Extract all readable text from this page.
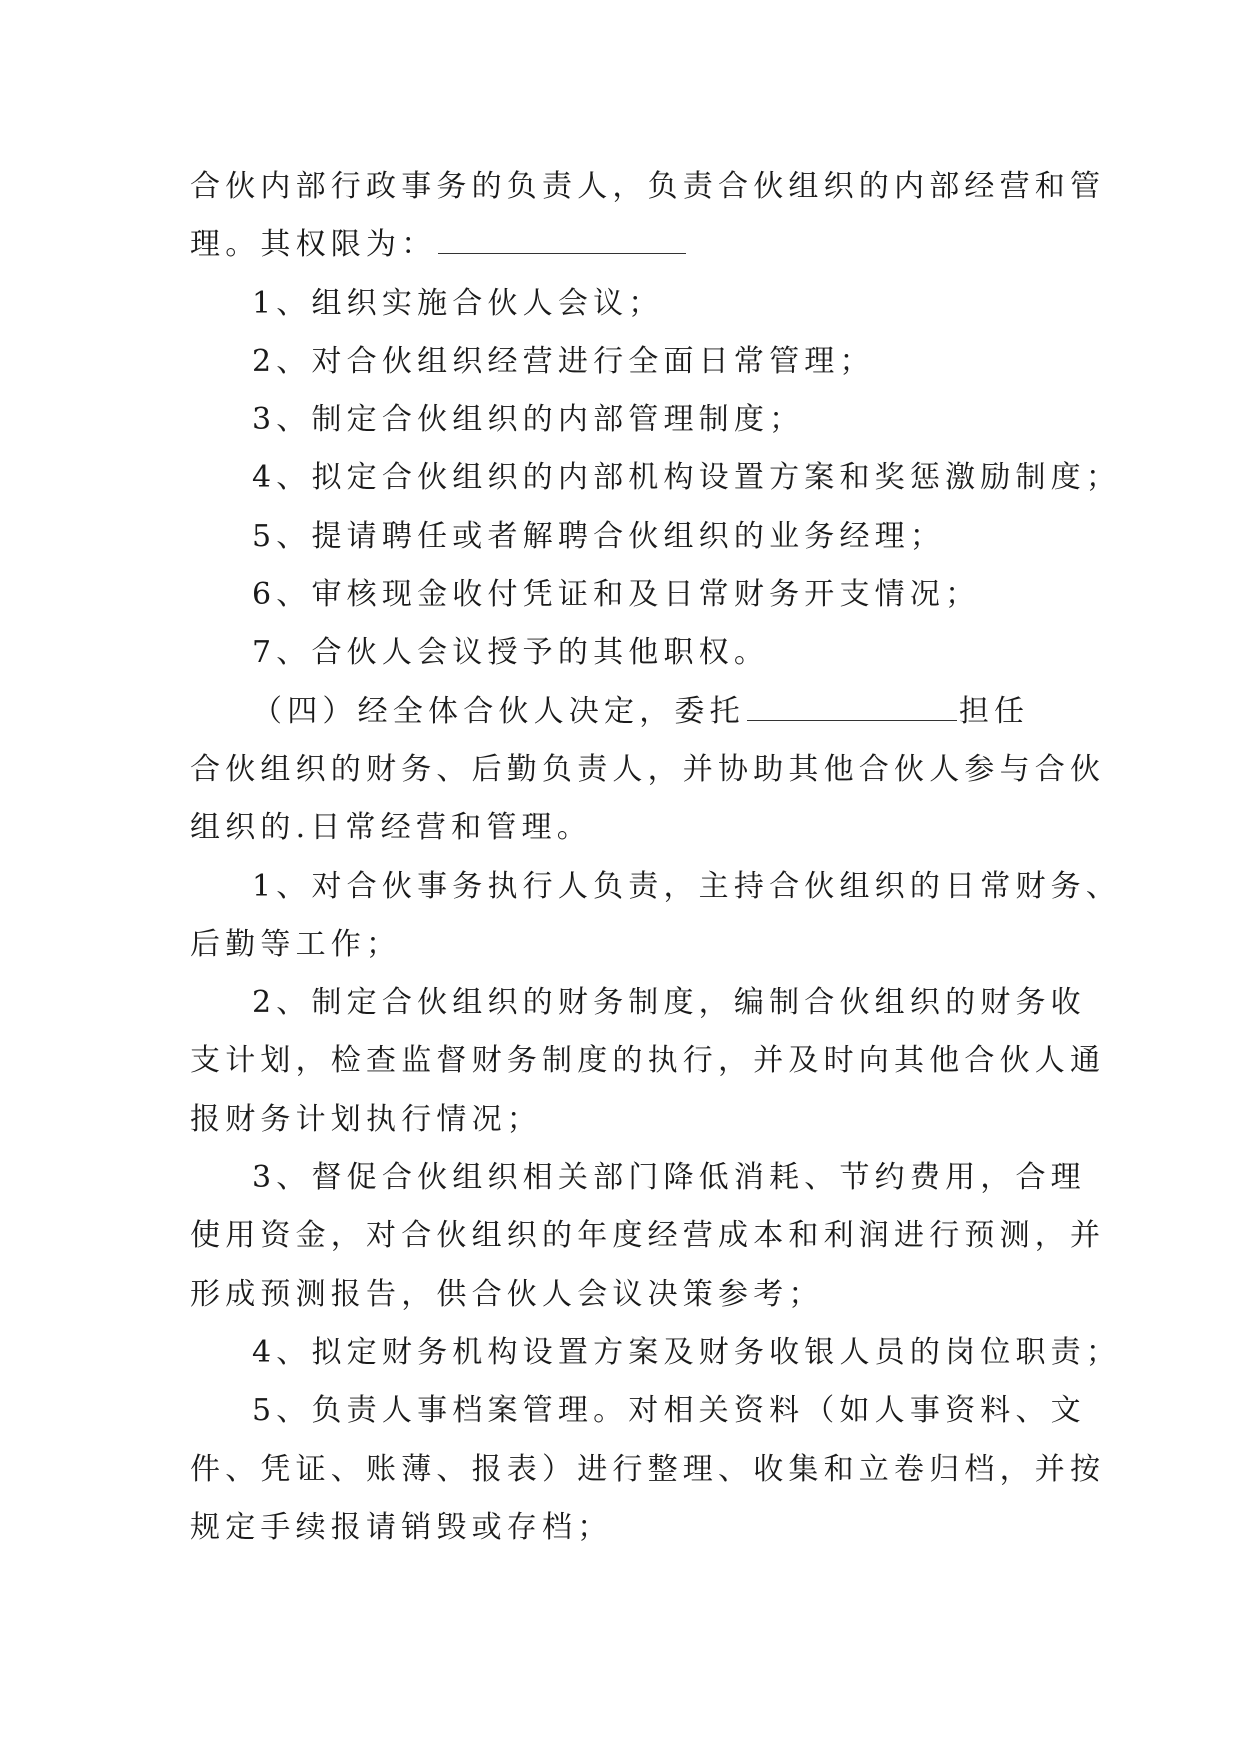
合伙内部行政事务的负责人，负责合伙组织的内部经营和管
理。其权限为：
1、组织实施合伙人会议；
2、对合伙组织经营进行全面日常管理；
3、制定合伙组织的内部管理制度；
4、拟定合伙组织的内部机构设置方案和奖惩激励制度；
5、提请聘任或者解聘合伙组织的业务经理；
6、审核现金收付凭证和及日常财务开支情况；
7、合伙人会议授予的其他职权。
（四）经全体合伙人决定，委托	担任
合伙组织的财务、后勤负责人，并协助其他合伙人参与合伙
组织的.日常经营和管理。
1、对合伙事务执行人负责，主持合伙组织的日常财务、
后勤等工作；
2、制定合伙组织的财务制度，编制合伙组织的财务收
支计划，检查监督财务制度的执行，并及时向其他合伙人通
报财务计划执行情况；
3、督促合伙组织相关部门降低消耗、节约费用，合理
使用资金，对合伙组织的年度经营成本和利润进行预测，并
形成预测报告，供合伙人会议决策参考；
4、拟定财务机构设置方案及财务收银人员的岗位职责；
5、负责人事档案管理。对相关资料（如人事资料、文
件、凭证、账薄、报表）进行整理、收集和立卷归档，并按
规定手续报请销毁或存档；
